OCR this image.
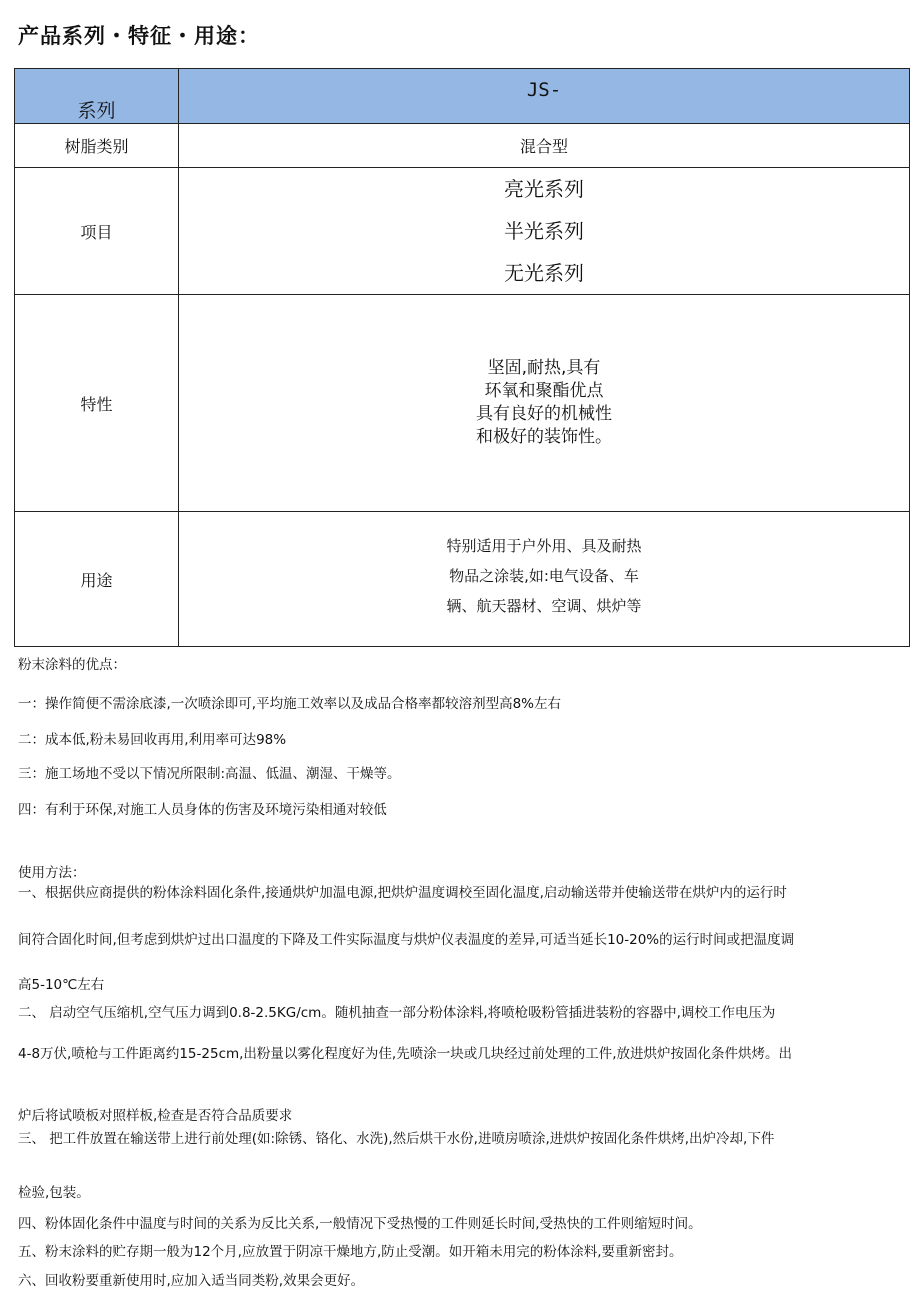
产品系列・特征・用途：
系列	JS-
树脂类别	混合型
项目	亮光系列
半光系列
无光系列

特性	坚固,耐热,具有
环氧和聚酯优点
具有良好的机械性
和极好的装饰性。

用途	特别适用于户外用、具及耐热
物品之涂装,如:电气设备、车
辆、航天器材、空调、烘炉等
粉末涂料的优点：
一：操作简便不需涂底漆,一次喷涂即可,平均施工效率以及成品合格率都较溶剂型高8%左右
二：成本低,粉未易回收再用,利用率可达98%
三：施工场地不受以下情况所限制:高温、低温、潮湿、干燥等。
四：有利于环保,对施工人员身体的伤害及环境污染相通对较低
使用方法：
一、根据供应商提供的粉体涂料固化条件,接通烘炉加温电源,把烘炉温度调校至固化温度,启动输送带并使输送带在烘炉内的运行时
间符合固化时间,但考虑到烘炉过出口温度的下降及工件实际温度与烘炉仪表温度的差异,可适当延长10-20%的运行时间或把温度调
高5-10℃左右
二、 启动空气压缩机,空气压力调到0.8-2.5KG/cm。随机抽查一部分粉体涂料,将喷枪吸粉管插进装粉的容器中,调校工作电压为
4-8万伏,喷枪与工件距离约15-25cm,出粉量以雾化程度好为佳,先喷涂一块或几块经过前处理的工件,放进烘炉按固化条件烘烤。出
炉后将试喷板对照样板,检查是否符合品质要求
三、 把工件放置在输送带上进行前处理(如:除锈、铬化、水洗),然后烘干水份,进喷房喷涂,进烘炉按固化条件烘烤,出炉冷却,下件
检验,包装。
四、粉体固化条件中温度与时间的关系为反比关系,一般情况下受热慢的工件则延长时间,受热快的工件则缩短时间。
五、粉末涂料的贮存期一般为12个月,应放置于阴凉干燥地方,防止受潮。如开箱未用完的粉体涂料,要重新密封。
六、回收粉要重新使用时,应加入适当同类粉,效果会更好。
